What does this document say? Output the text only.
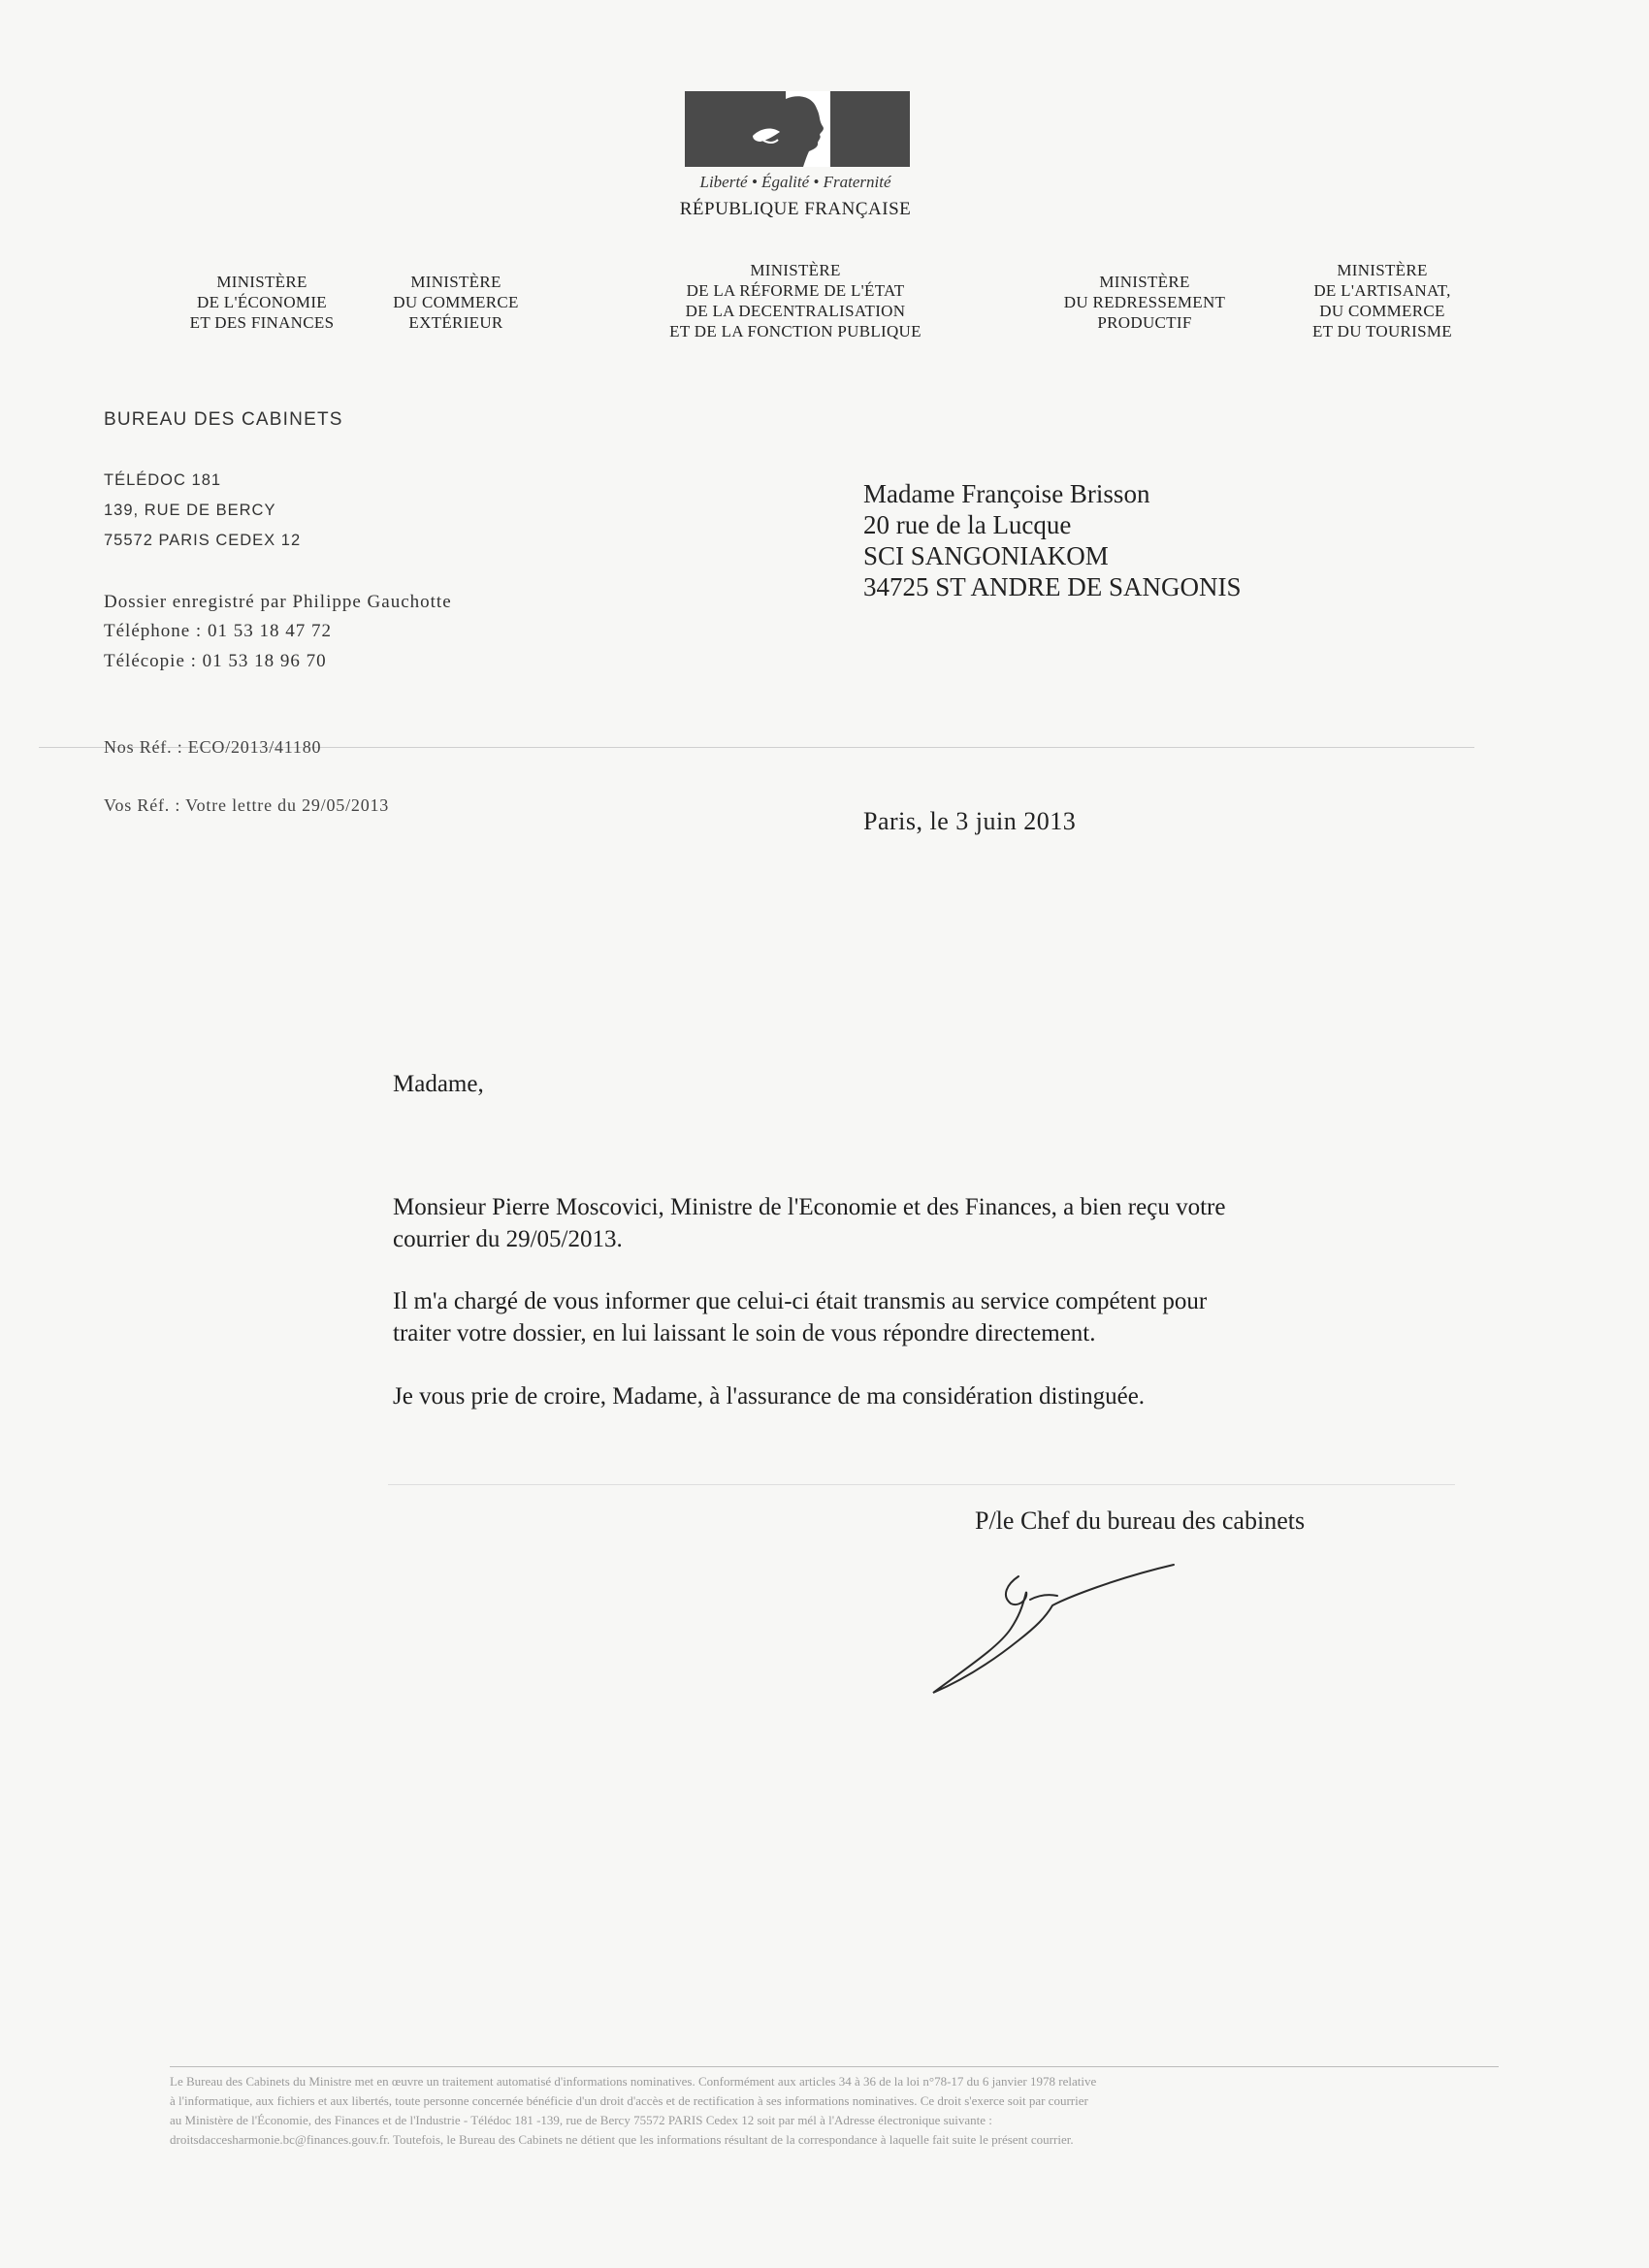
Liberté • Égalité • Fraternité
RÉPUBLIQUE FRANÇAISE
MINISTÈRE
DE L'ÉCONOMIE
ET DES FINANCES
MINISTÈRE
DU COMMERCE
EXTÉRIEUR
MINISTÈRE
DE LA RÉFORME DE L'ÉTAT
DE LA DECENTRALISATION
ET DE LA FONCTION PUBLIQUE
MINISTÈRE
DU REDRESSEMENT
PRODUCTIF
MINISTÈRE
DE L'ARTISANAT,
DU COMMERCE
ET DU TOURISME
BUREAU DES CABINETS
TÉLÉDOC 181
139, RUE DE BERCY
75572 PARIS CEDEX 12
Dossier enregistré par Philippe Gauchotte
Téléphone : 01 53 18 47 72
Télécopie : 01 53 18 96 70
Madame Françoise Brisson
20 rue de la Lucque
SCI SANGONIAKOM
34725 ST ANDRE DE SANGONIS
Nos Réf. : ECO/2013/41180
Vos Réf. : Votre lettre du 29/05/2013
Paris, le 3 juin 2013
Madame,
Monsieur Pierre Moscovici, Ministre de l'Economie et des Finances, a bien reçu votre
courrier du 29/05/2013.
Il m'a chargé de vous informer que celui-ci était transmis au service compétent pour
traiter votre dossier, en lui laissant le soin de vous répondre directement.
Je vous prie de croire, Madame, à l'assurance de ma considération distinguée.
P/le Chef du bureau des cabinets
Le Bureau des Cabinets du Ministre met en œuvre un traitement automatisé d'informations nominatives. Conformément aux articles 34 à 36 de la loi n°78-17 du 6 janvier 1978 relative
à l'informatique, aux fichiers et aux libertés, toute personne concernée bénéficie d'un droit d'accès et de rectification à ses informations nominatives. Ce droit s'exerce soit par courrier
au Ministère de l'Économie, des Finances et de l'Industrie - Télédoc 181 -139, rue de Bercy 75572 PARIS Cedex 12 soit par mél à l'Adresse électronique suivante :
droitsdaccesharmonie.bc@finances.gouv.fr. Toutefois, le Bureau des Cabinets ne détient que les informations résultant de la correspondance à laquelle fait suite le présent courrier.
